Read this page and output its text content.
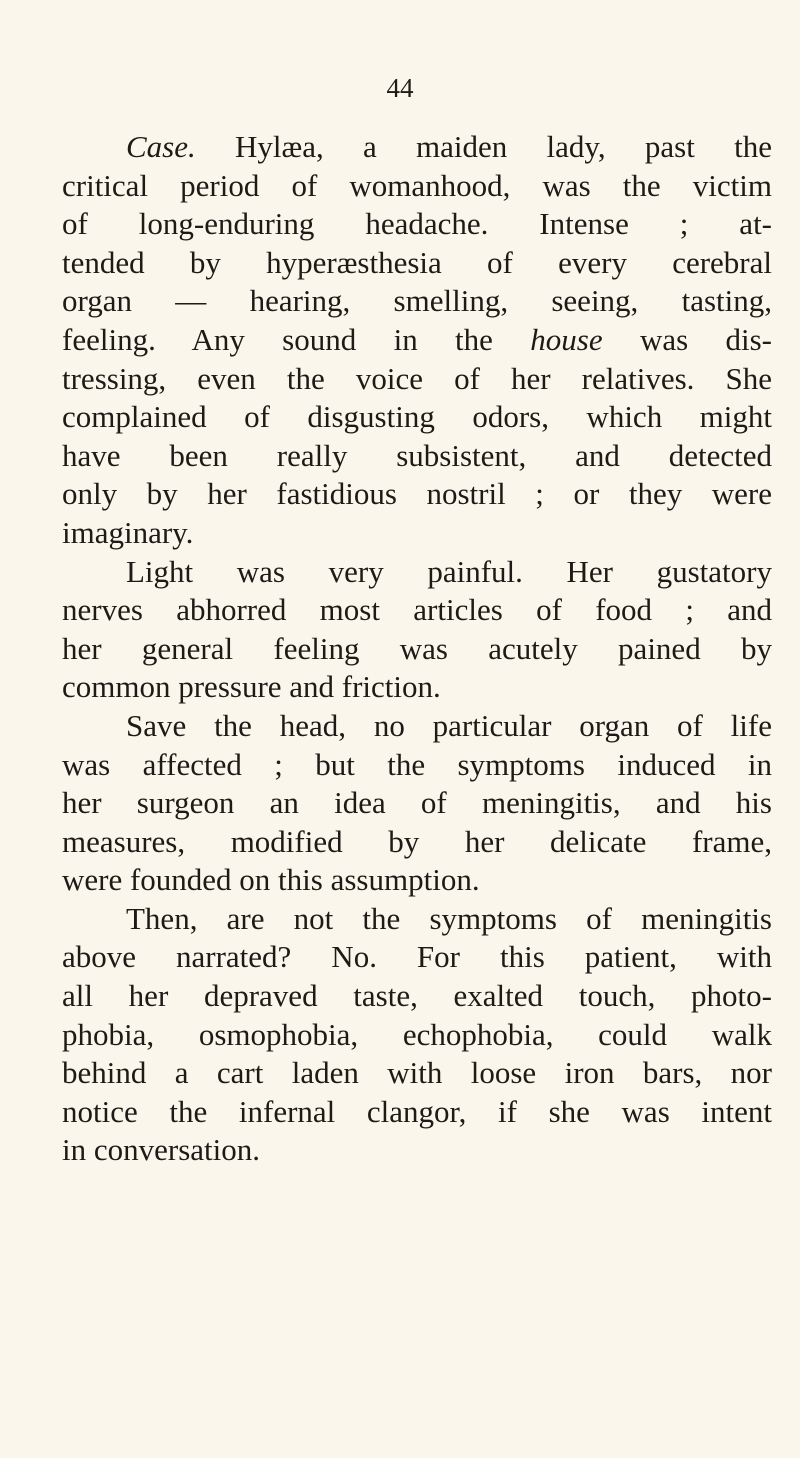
44
Case. Hylæa, a maiden lady, past the
critical period of womanhood, was the victim
of long-enduring headache. Intense ; at-
tended by hyperæsthesia of every cerebral
organ — hearing, smelling, seeing, tasting,
feeling. Any sound in the house was dis-
tressing, even the voice of her relatives. She
complained of disgusting odors, which might
have been really subsistent, and detected
only by her fastidious nostril ; or they were
imaginary.
Light was very painful. Her gustatory
nerves abhorred most articles of food ; and
her general feeling was acutely pained by
common pressure and friction.
Save the head, no particular organ of life
was affected ; but the symptoms induced in
her surgeon an idea of meningitis, and his
measures, modified by her delicate frame,
were founded on this assumption.
Then, are not the symptoms of meningitis
above narrated? No. For this patient, with
all her depraved taste, exalted touch, photo-
phobia, osmophobia, echophobia, could walk
behind a cart laden with loose iron bars, nor
notice the infernal clangor, if she was intent
in conversation.
